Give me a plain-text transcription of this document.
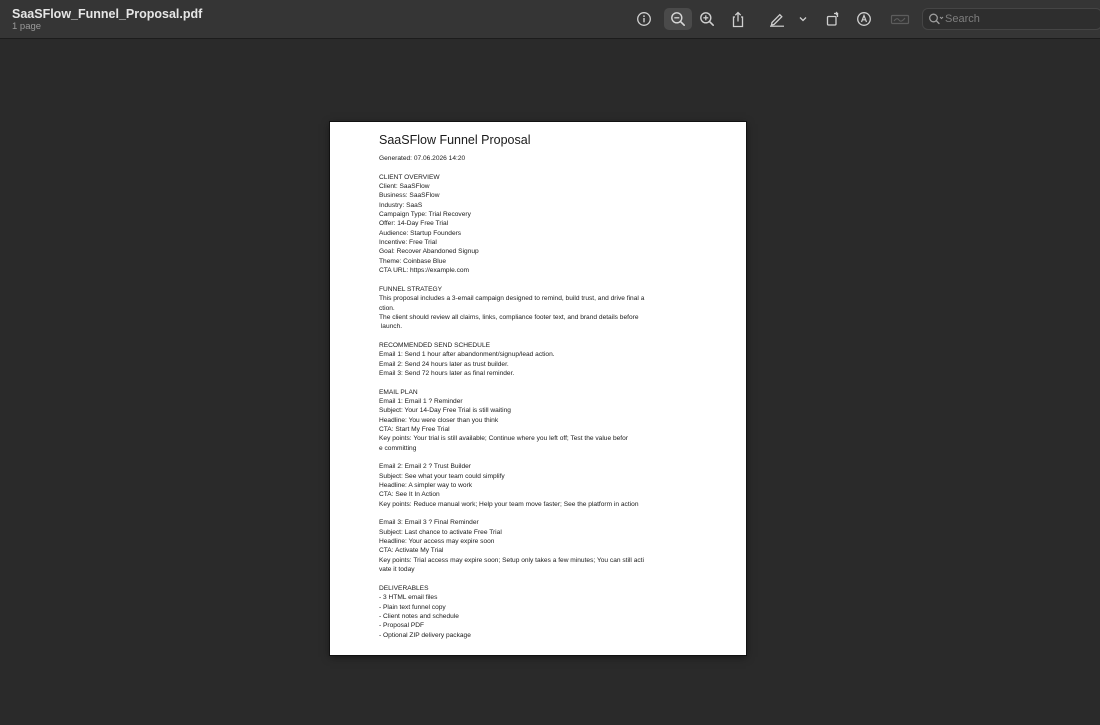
SaaSFlow_Funnel_Proposal.pdf
1 page
Search
SaaSFlow Funnel Proposal

Generated: 07.06.2026 14:20

CLIENT OVERVIEW

Client: SaaSFlow

Business: SaaSFlow

Industry: SaaS

Campaign Type: Trial Recovery

Offer: 14-Day Free Trial

Audience: Startup Founders

Incentive: Free Trial

Goal: Recover Abandoned Signup

Theme: Coinbase Blue

CTA URL: https://example.com

FUNNEL STRATEGY

This proposal includes a 3-email campaign designed to remind, build trust, and drive final a

ction.

The client should review all claims, links, compliance footer text, and brand details before

launch.

RECOMMENDED SEND SCHEDULE

Email 1: Send 1 hour after abandonment/signup/lead action.

Email 2: Send 24 hours later as trust builder.

Email 3: Send 72 hours later as final reminder.

EMAIL PLAN

Email 1: Email 1 ? Reminder

Subject: Your 14-Day Free Trial is still waiting

Headline: You were closer than you think

CTA: Start My Free Trial

Key points: Your trial is still available; Continue where you left off; Test the value befor

e committing

Email 2: Email 2 ? Trust Builder

Subject: See what your team could simplify

Headline: A simpler way to work

CTA: See It In Action

Key points: Reduce manual work; Help your team move faster; See the platform in action

Email 3: Email 3 ? Final Reminder

Subject: Last chance to activate Free Trial

Headline: Your access may expire soon

CTA: Activate My Trial

Key points: Trial access may expire soon; Setup only takes a few minutes; You can still acti

vate it today

DELIVERABLES

- 3 HTML email files

- Plain text funnel copy

- Client notes and schedule

- Proposal PDF

- Optional ZIP delivery package
